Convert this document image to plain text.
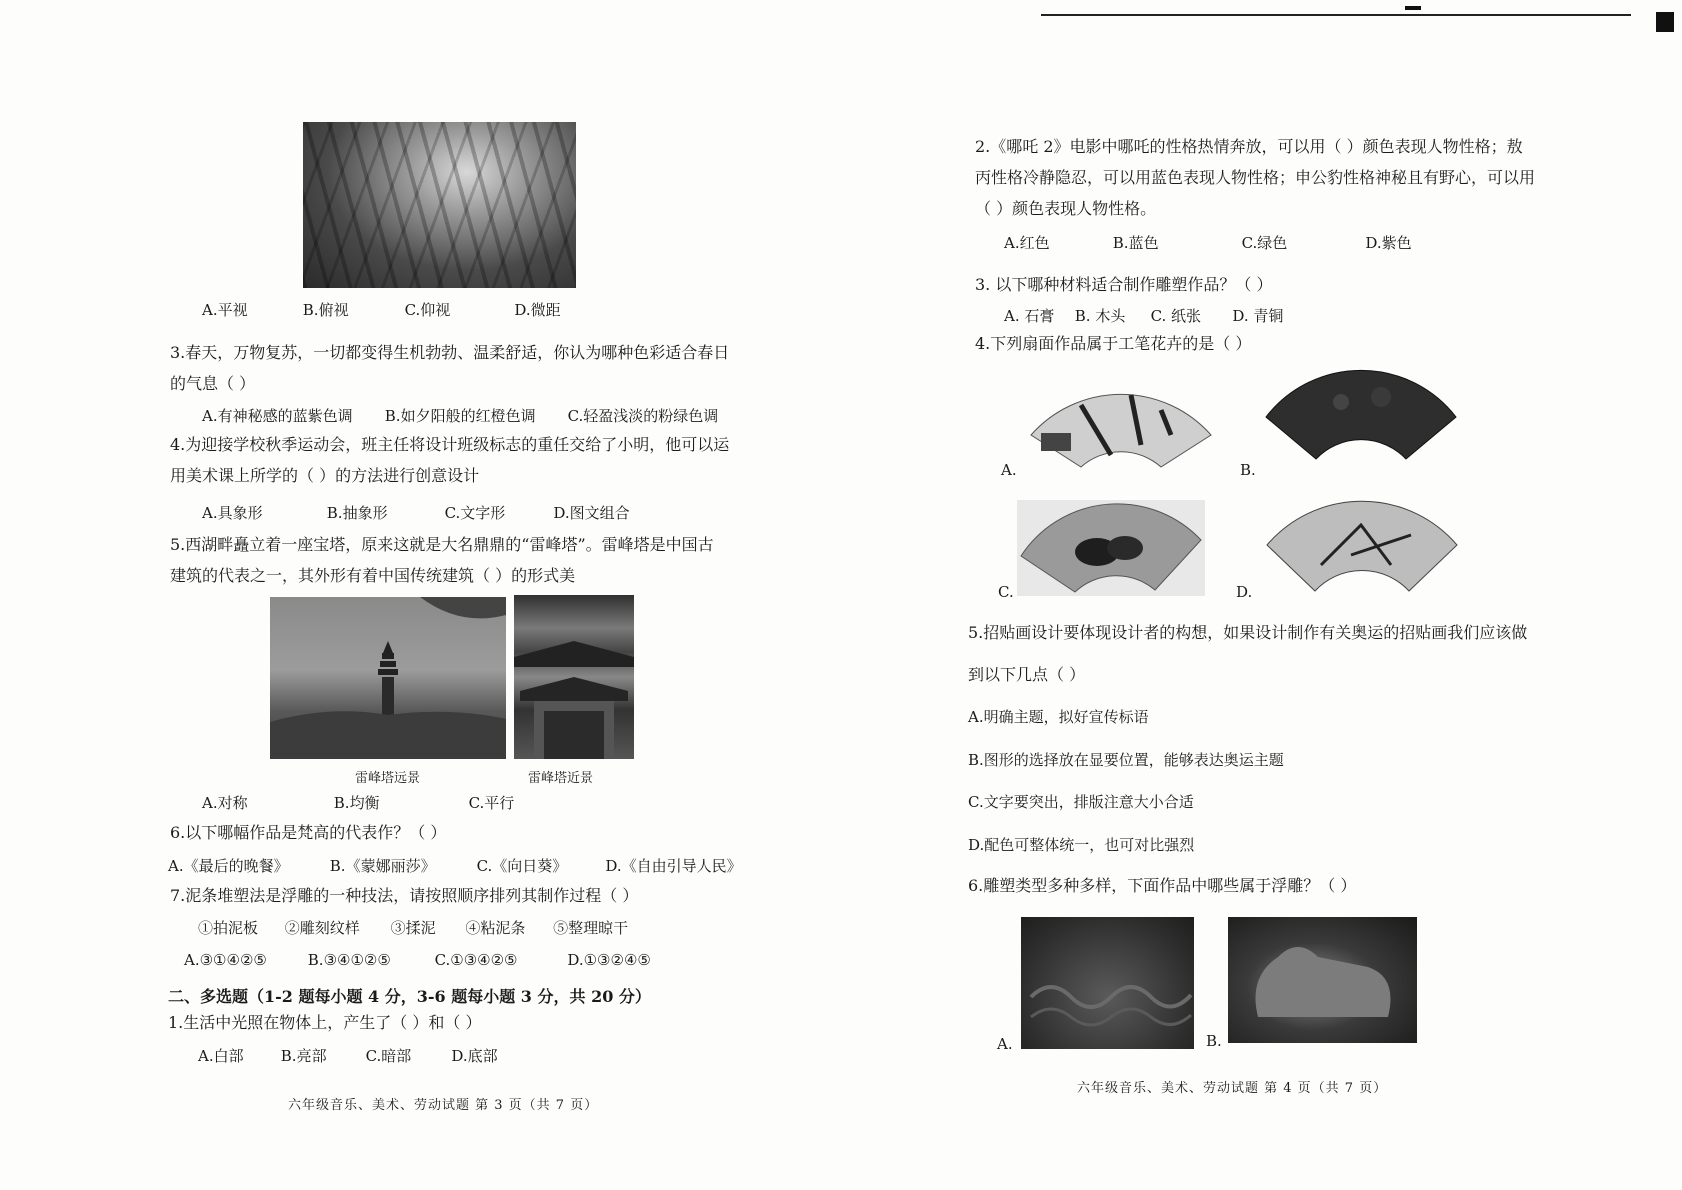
A.平视	B.俯视	C.仰视	D.微距
3.春天，万物复苏，一切都变得生机勃勃、温柔舒适，你认为哪种色彩适合春日
的气息（ ）
A.有神秘感的蓝紫色调 B.如夕阳般的红橙色调 C.轻盈浅淡的粉绿色调
4.为迎接学校秋季运动会，班主任将设计班级标志的重任交给了小明，他可以运
用美术课上所学的（ ）的方法进行创意设计
A.具象形	B.抽象形	C.文字形	D.图文组合
5.西湖畔矗立着一座宝塔，原来这就是大名鼎鼎的“雷峰塔”。雷峰塔是中国古
建筑的代表之一，其外形有着中国传统建筑（ ）的形式美
雷峰塔远景	雷峰塔近景
A.对称	B.均衡	C.平行
6.以下哪幅作品是梵高的代表作？（ ）
A.《最后的晚餐》	B.《蒙娜丽莎》	C.《向日葵》	D.《自由引导人民》
7.泥条堆塑法是浮雕的一种技法，请按照顺序排列其制作过程（ ）
①拍泥板 ②雕刻纹样 ③揉泥 ④粘泥条 ⑤整理晾干
A.③①④②⑤	B.③④①②⑤	C.①③④②⑤	D.①③②④⑤
二、多选题（1-2 题每小题 4 分，3-6 题每小题 3 分，共 20 分）
1.生活中光照在物体上，产生了（ ）和（ ）
A.白部 B.亮部	C.暗部	D.底部
六年级音乐、美术、劳动试题 第 3 页（共 7 页）
2.《哪吒 2》电影中哪吒的性格热情奔放，可以用（ ）颜色表现人物性格；敖
丙性格冷静隐忍，可以用蓝色表现人物性格；申公豹性格神秘且有野心，可以用
（ ）颜色表现人物性格。
A.红色	B.蓝色	C.绿色	D.紫色
3. 以下哪种材料适合制作雕塑作品？（ ）
A. 石膏 B. 木头 C. 纸张 D. 青铜
4.下列扇面作品属于工笔花卉的是（ ）
A.	B.
C.	D.
5.招贴画设计要体现设计者的构想，如果设计制作有关奥运的招贴画我们应该做
到以下几点（ ）
A.明确主题，拟好宣传标语
B.图形的选择放在显要位置，能够表达奥运主题
C.文字要突出，排版注意大小合适
D.配色可整体统一，也可对比强烈
6.雕塑类型多种多样，下面作品中哪些属于浮雕？（ ）
A.	B.
六年级音乐、美术、劳动试题 第 4 页（共 7 页）
